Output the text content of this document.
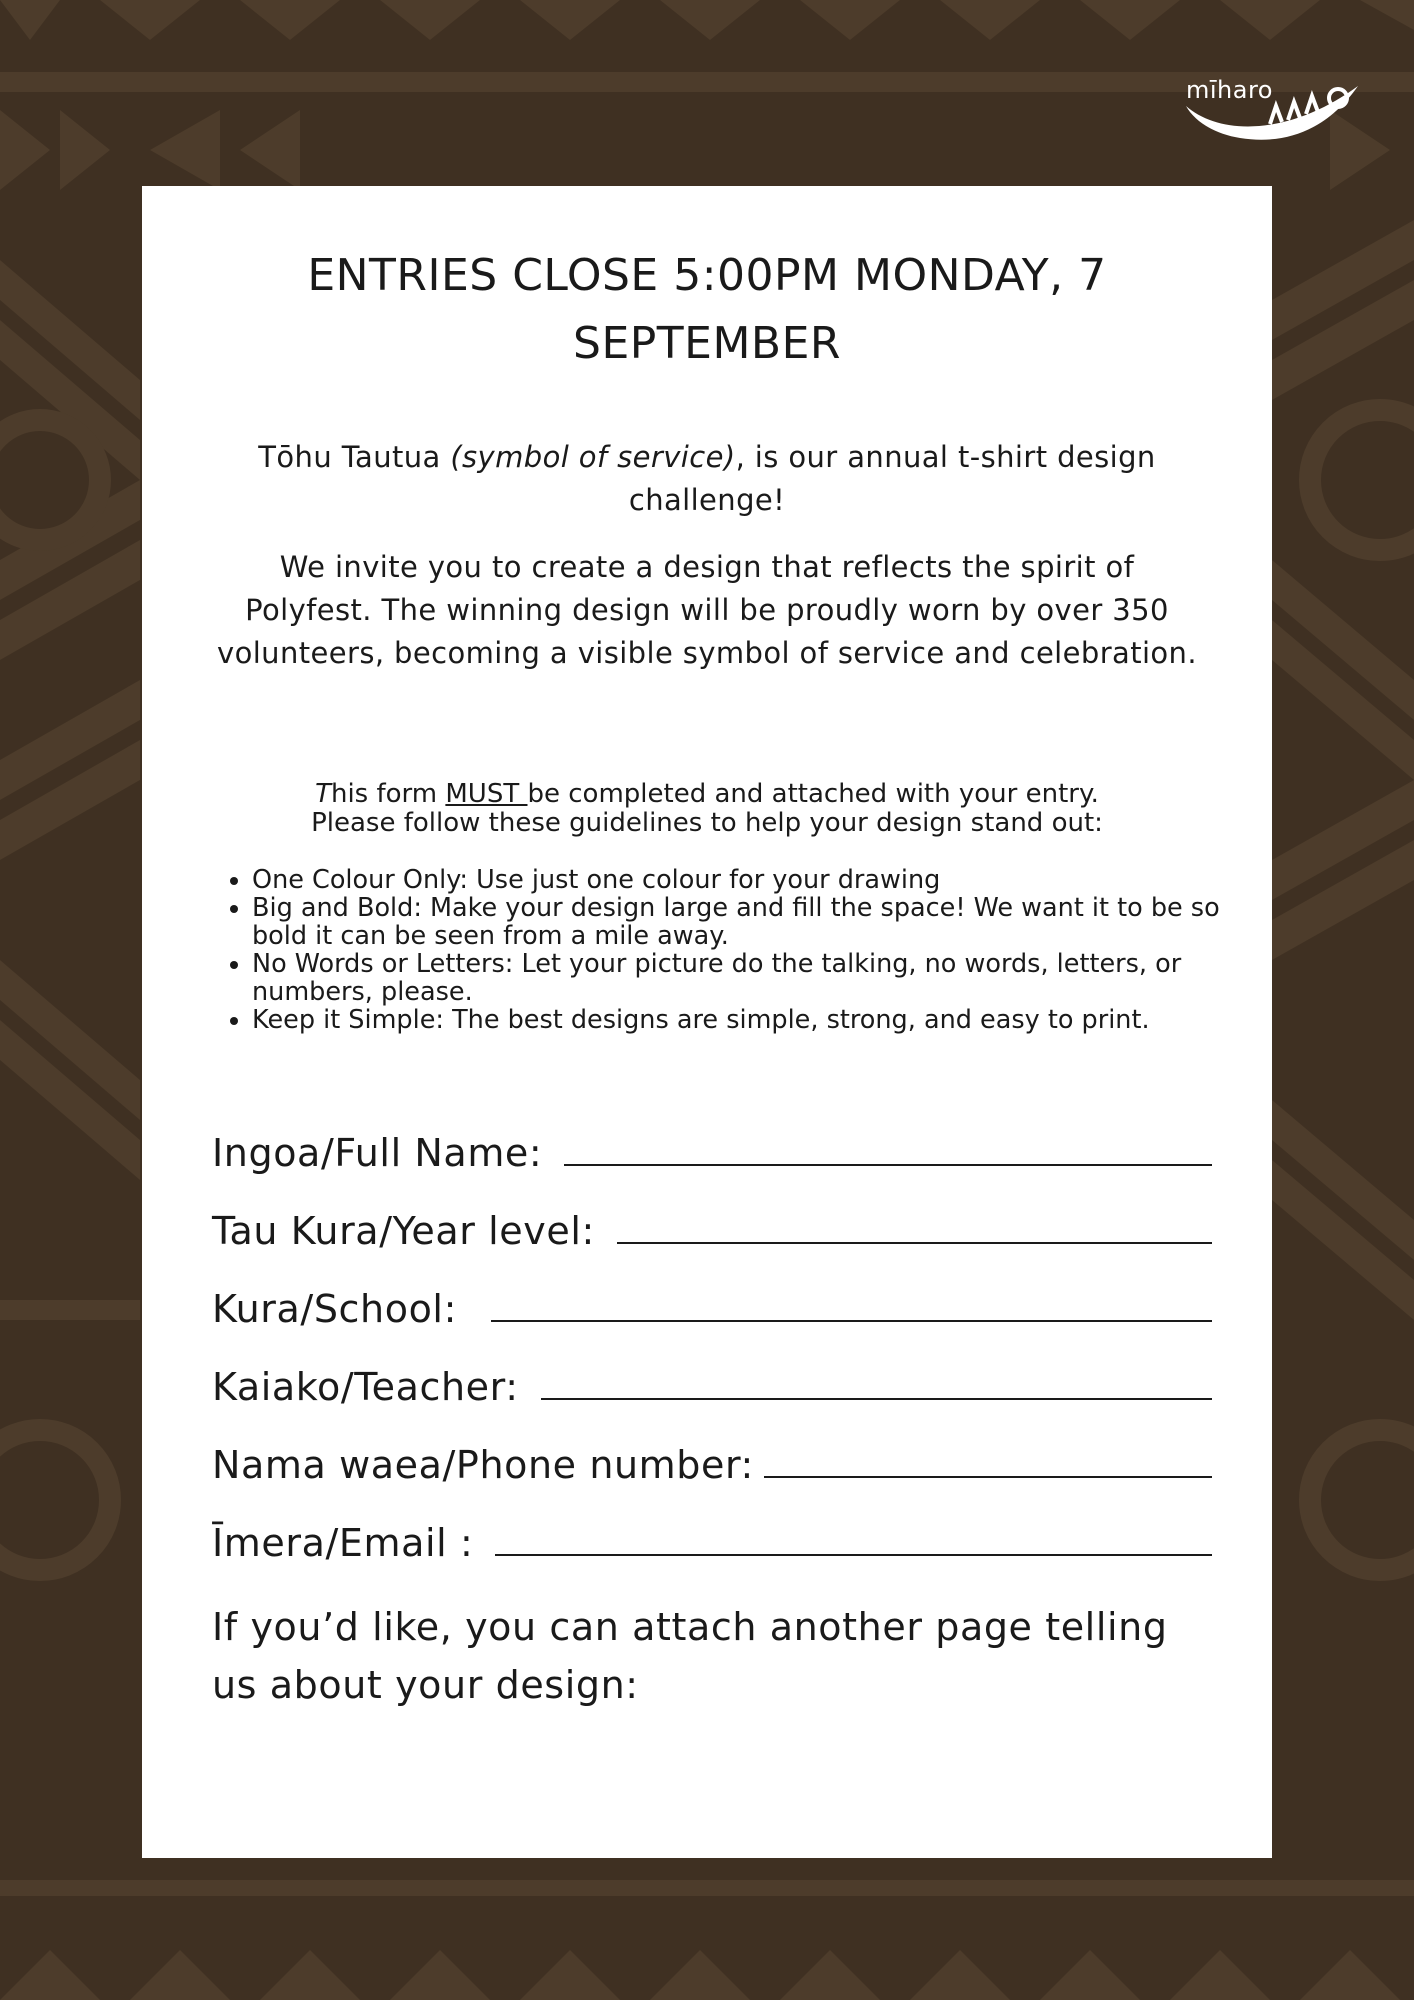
mīharo
ENTRIES CLOSE 5:00PM MONDAY, 7 SEPTEMBER

Tōhu Tautua (symbol of service), is our annual t-shirt design challenge!

We invite you to create a design that reflects the spirit of Polyfest. The winning design will be proudly worn by over 350 volunteers, becoming a visible symbol of service and celebration.

This form MUST be completed and attached with your entry.
Please follow these guidelines to help your design stand out:
• One Colour Only: Use just one colour for your drawing
• Big and Bold: Make your design large and fill the space! We want it to be so bold it can be seen from a mile away.
• No Words or Letters: Let your picture do the talking, no words, letters, or numbers, please.
• Keep it Simple: The best designs are simple, strong, and easy to print.
Ingoa/Full Name:
Tau Kura/Year level:
Kura/School:
Kaiako/Teacher:
Nama waea/Phone number:
Īmera/Email :

If you’d like, you can attach another page telling us about your design:
